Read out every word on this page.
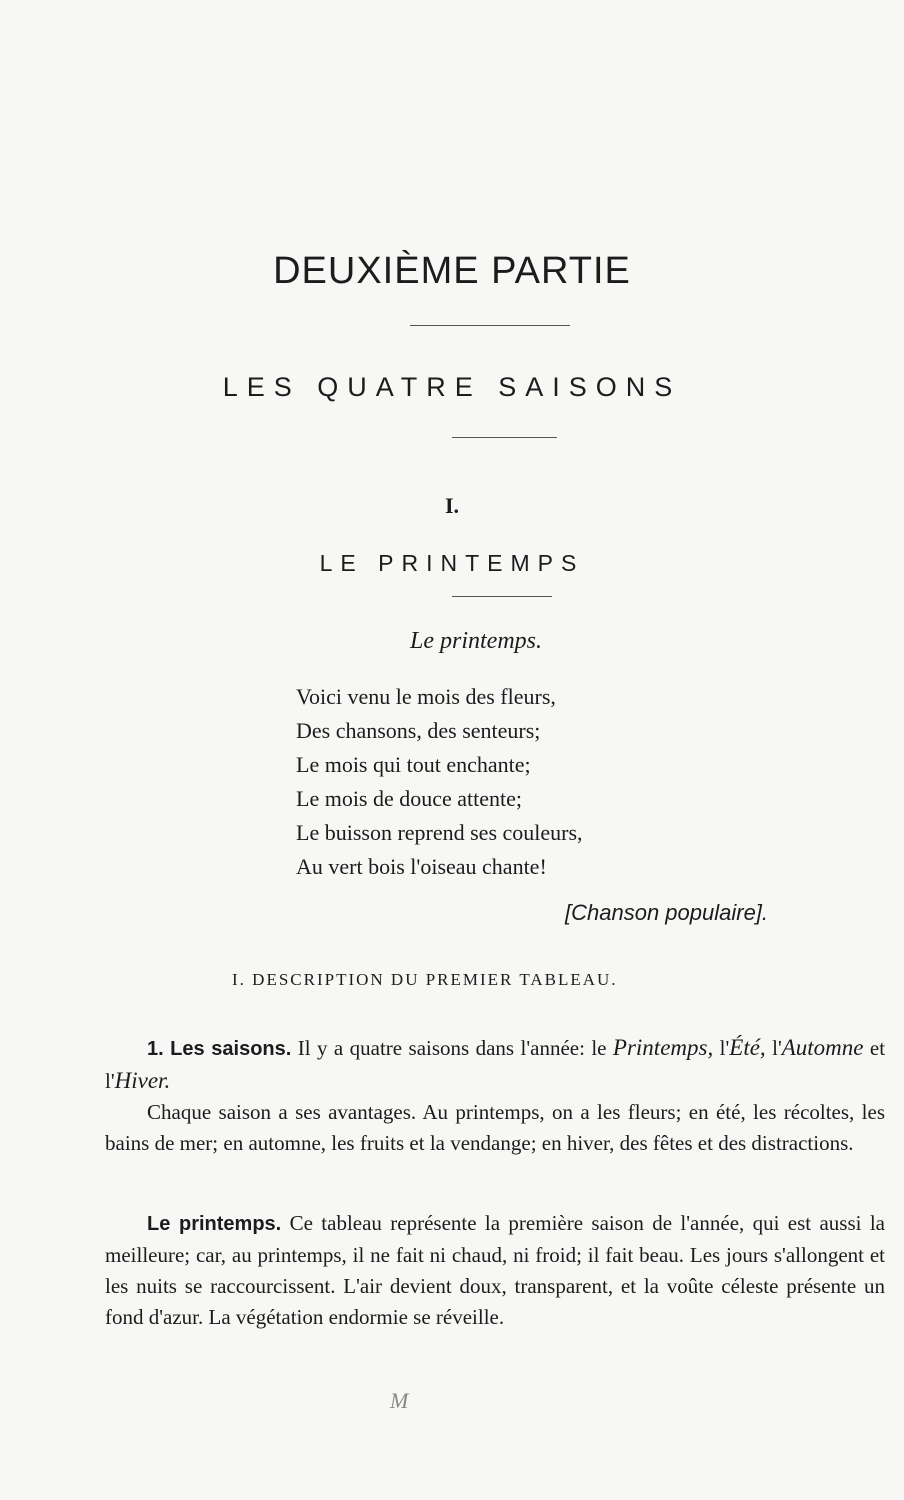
DEUXIÈME PARTIE
LES QUATRE SAISONS
I.
LE PRINTEMPS
Le printemps.
Voici venu le mois des fleurs,
Des chansons, des senteurs;
Le mois qui tout enchante;
Le mois de douce attente;
Le buisson reprend ses couleurs,
Au vert bois l'oiseau chante!
[Chanson populaire].
I. DESCRIPTION DU PREMIER TABLEAU.
1. Les saisons. Il y a quatre saisons dans l'année: le Printemps, l'Été, l'Automne et l'Hiver.
Chaque saison a ses avantages. Au printemps, on a les fleurs; en été, les récoltes, les bains de mer; en automne, les fruits et la vendange; en hiver, des fêtes et des distractions.
Le printemps. Ce tableau représente la première saison de l'année, qui est aussi la meilleure; car, au printemps, il ne fait ni chaud, ni froid; il fait beau. Les jours s'allongent et les nuits se raccourcissent. L'air devient doux, transparent, et la voûte céleste présente un fond d'azur. La végétation endormie se réveille.
M
